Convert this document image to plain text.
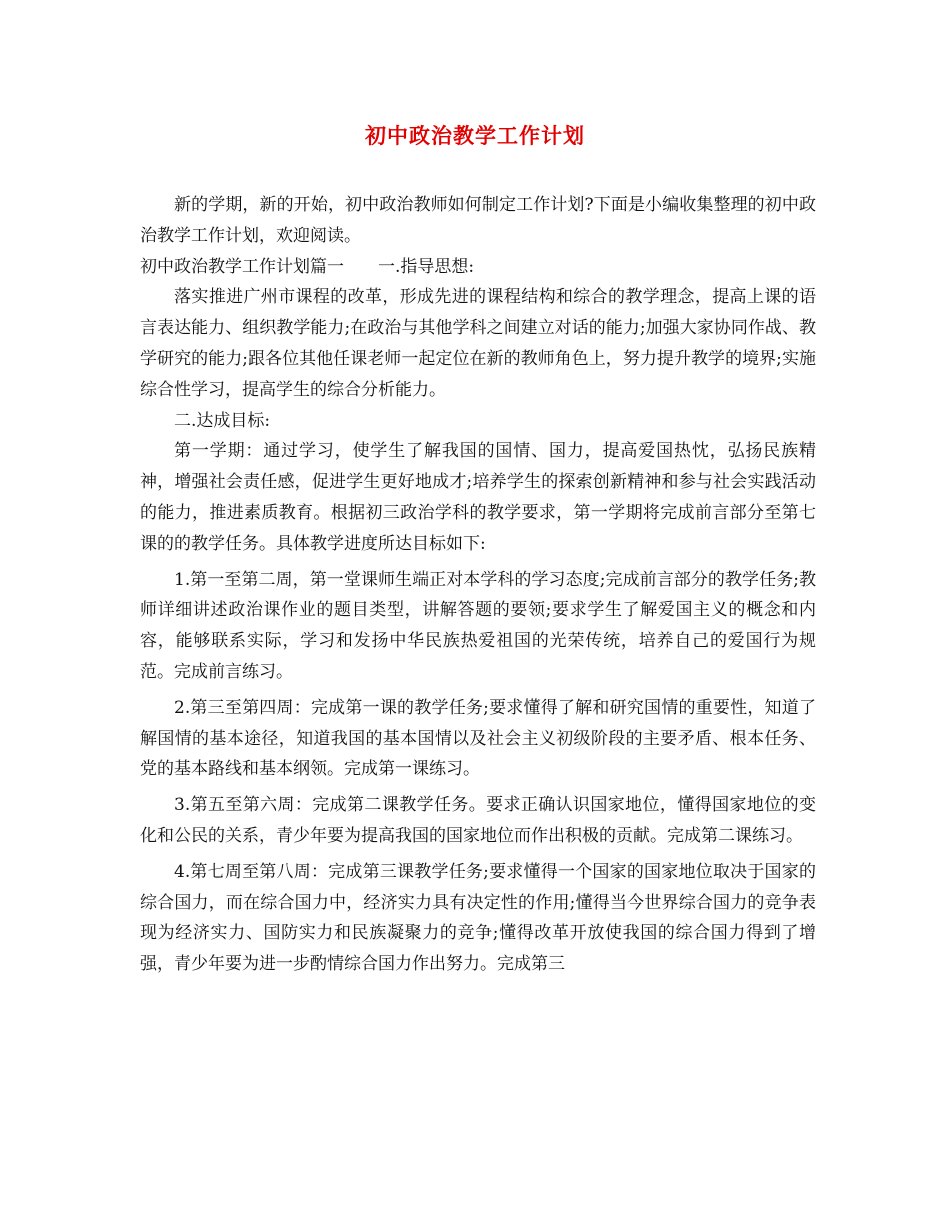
初中政治教学工作计划

新的学期，新的开始，初中政治教师如何制定工作计划?下面是小编收集整理的初中政治教学工作计划，欢迎阅读。

初中政治教学工作计划篇一　　一.指导思想:

落实推进广州市课程的改革，形成先进的课程结构和综合的教学理念，提高上课的语言表达能力、组织教学能力;在政治与其他学科之间建立对话的能力;加强大家协同作战、教学研究的能力;跟各位其他任课老师一起定位在新的教师角色上，努力提升教学的境界;实施综合性学习，提高学生的综合分析能力。

二.达成目标:

第一学期：通过学习，使学生了解我国的国情、国力，提高爱国热忱，弘扬民族精神，增强社会责任感，促进学生更好地成才;培养学生的探索创新精神和参与社会实践活动的能力，推进素质教育。根据初三政治学科的教学要求，第一学期将完成前言部分至第七课的的教学任务。具体教学进度所达目标如下:

1.第一至第二周，第一堂课师生端正对本学科的学习态度;完成前言部分的教学任务;教师详细讲述政治课作业的题目类型，讲解答题的要领;要求学生了解爱国主义的概念和内容，能够联系实际，学习和发扬中华民族热爱祖国的光荣传统，培养自己的爱国行为规范。完成前言练习。

2.第三至第四周：完成第一课的教学任务;要求懂得了解和研究国情的重要性，知道了解国情的基本途径，知道我国的基本国情以及社会主义初级阶段的主要矛盾、根本任务、党的基本路线和基本纲领。完成第一课练习。

3.第五至第六周：完成第二课教学任务。要求正确认识国家地位，懂得国家地位的变化和公民的关系，青少年要为提高我国的国家地位而作出积极的贡献。完成第二课练习。

4.第七周至第八周：完成第三课教学任务;要求懂得一个国家的国家地位取决于国家的综合国力，而在综合国力中，经济实力具有决定性的作用;懂得当今世界综合国力的竞争表现为经济实力、国防实力和民族凝聚力的竞争;懂得改革开放使我国的综合国力得到了增强，青少年要为进一步酌情综合国力作出努力。完成第三
